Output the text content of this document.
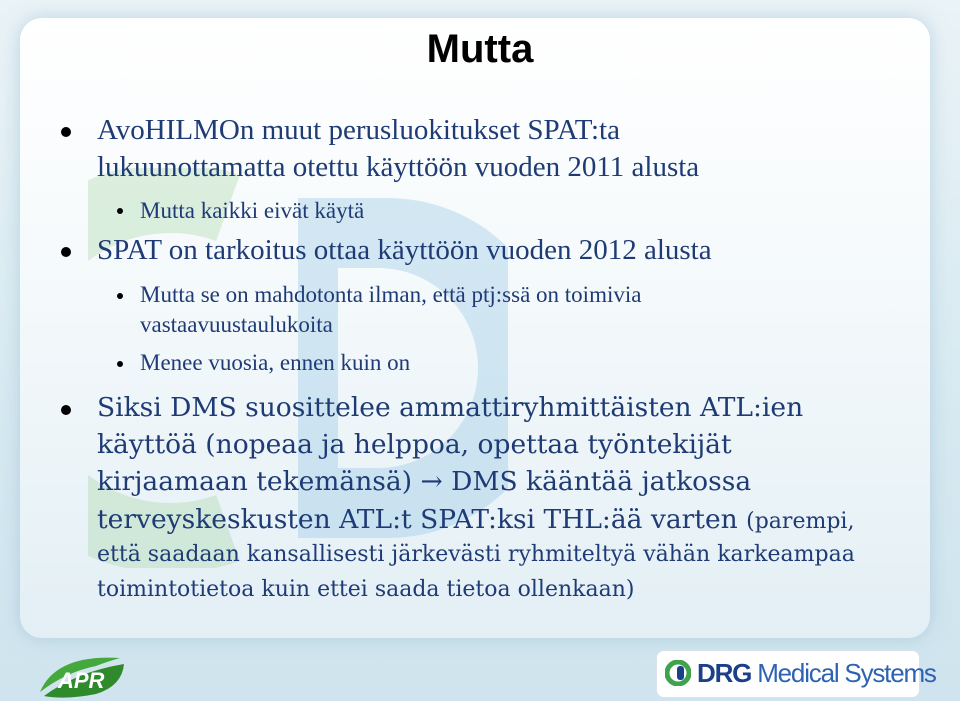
Mutta
AvoHILMOn muut perusluokitukset SPAT:ta
lukuunottamatta otettu käyttöön vuoden 2011 alusta
Mutta kaikki eivät käytä
SPAT on tarkoitus ottaa käyttöön vuoden 2012 alusta
Mutta se on mahdotonta ilman, että ptj:ssä on toimivia
vastaavuustaulukoita
Menee vuosia, ennen kuin on
Siksi DMS suosittelee ammattiryhmittäisten ATL:ien
käyttöä (nopeaa ja helppoa, opettaa työntekijät
kirjaamaan tekemänsä) → DMS kääntää jatkossa
terveyskeskusten ATL:t SPAT:ksi THL:ää varten (parempi,
että saadaan kansallisesti järkevästi ryhmiteltyä vähän karkeampaa
toimintotietoa kuin ettei saada tietoa ollenkaan)
APR	DRG Medical Systems
